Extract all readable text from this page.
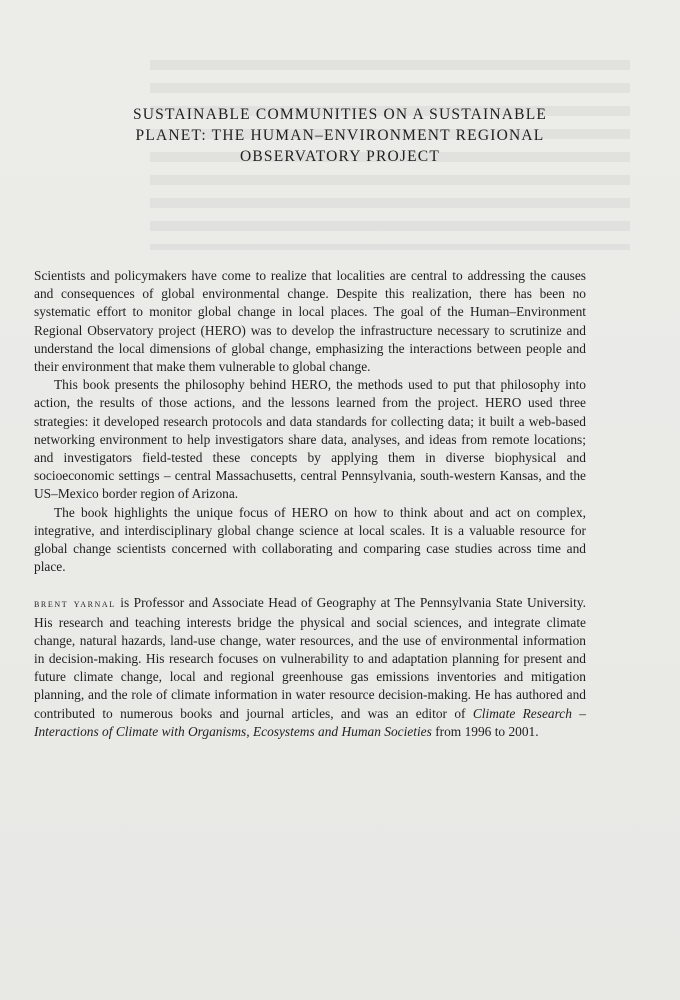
SUSTAINABLE COMMUNITIES ON A SUSTAINABLE
PLANET: THE HUMAN–ENVIRONMENT REGIONAL
OBSERVATORY PROJECT

Scientists and policymakers have come to realize that localities are central to addressing the causes and consequences of global environmental change. Despite this realization, there has been no systematic effort to monitor global change in local places. The goal of the Human–Environment Regional Observatory project (HERO) was to develop the infrastructure necessary to scrutinize and understand the local dimensions of global change, emphasizing the interactions between people and their environment that make them vulnerable to global change.

This book presents the philosophy behind HERO, the methods used to put that philosophy into action, the results of those actions, and the lessons learned from the project. HERO used three strategies: it developed research protocols and data standards for collecting data; it built a web-based networking environment to help investigators share data, analyses, and ideas from remote locations; and investigators field-tested these concepts by applying them in diverse biophysical and socioeconomic settings – central Massachusetts, central Pennsylvania, south-western Kansas, and the US–Mexico border region of Arizona.

The book highlights the unique focus of HERO on how to think about and act on complex, integrative, and interdisciplinary global change science at local scales. It is a valuable resource for global change scientists concerned with collaborating and comparing case studies across time and place.

brent yarnal is Professor and Associate Head of Geography at The Pennsylvania State University. His research and teaching interests bridge the physical and social sciences, and integrate climate change, natural hazards, land-use change, water resources, and the use of environmental information in decision-making. His research focuses on vulnerability to and adaptation planning for present and future climate change, local and regional greenhouse gas emissions inventories and mitigation planning, and the role of climate information in water resource decision-making. He has authored and contributed to numerous books and journal articles, and was an editor of Climate Research – Interactions of Climate with Organisms, Ecosystems and Human Societies from 1996 to 2001.
